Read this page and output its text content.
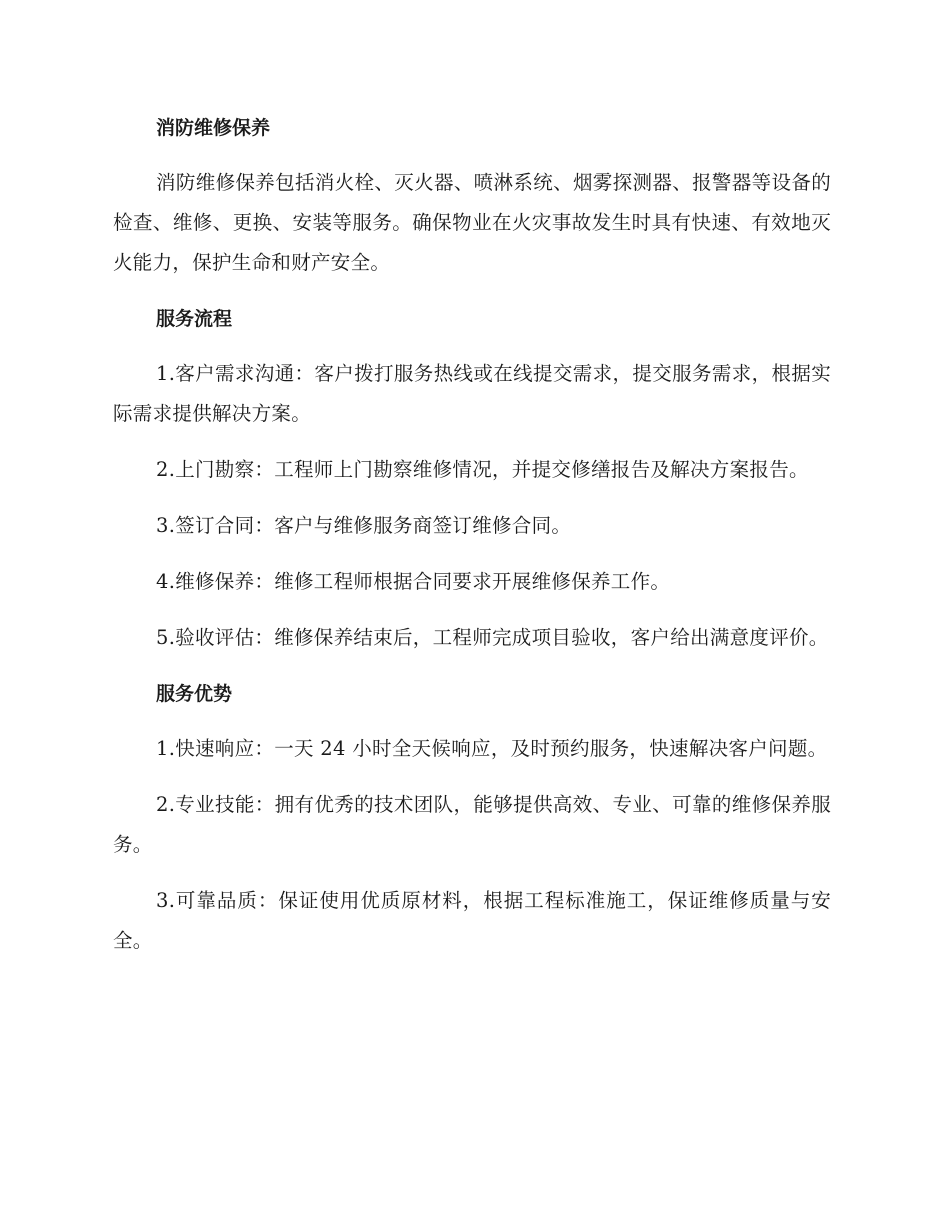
消防维修保养

消防维修保养包括消火栓、灭火器、喷淋系统、烟雾探测器、报警器等设备的检查、维修、更换、安装等服务。确保物业在火灾事故发生时具有快速、有效地灭火能力，保护生命和财产安全。

服务流程

1.客户需求沟通：客户拨打服务热线或在线提交需求，提交服务需求，根据实际需求提供解决方案。

2.上门勘察：工程师上门勘察维修情况，并提交修缮报告及解决方案报告。

3.签订合同：客户与维修服务商签订维修合同。

4.维修保养：维修工程师根据合同要求开展维修保养工作。

5.验收评估：维修保养结束后，工程师完成项目验收，客户给出满意度评价。

服务优势

1.快速响应：一天 24 小时全天候响应，及时预约服务，快速解决客户问题。

2.专业技能：拥有优秀的技术团队，能够提供高效、专业、可靠的维修保养服务。

3.可靠品质：保证使用优质原材料，根据工程标准施工，保证维修质量与安全。
